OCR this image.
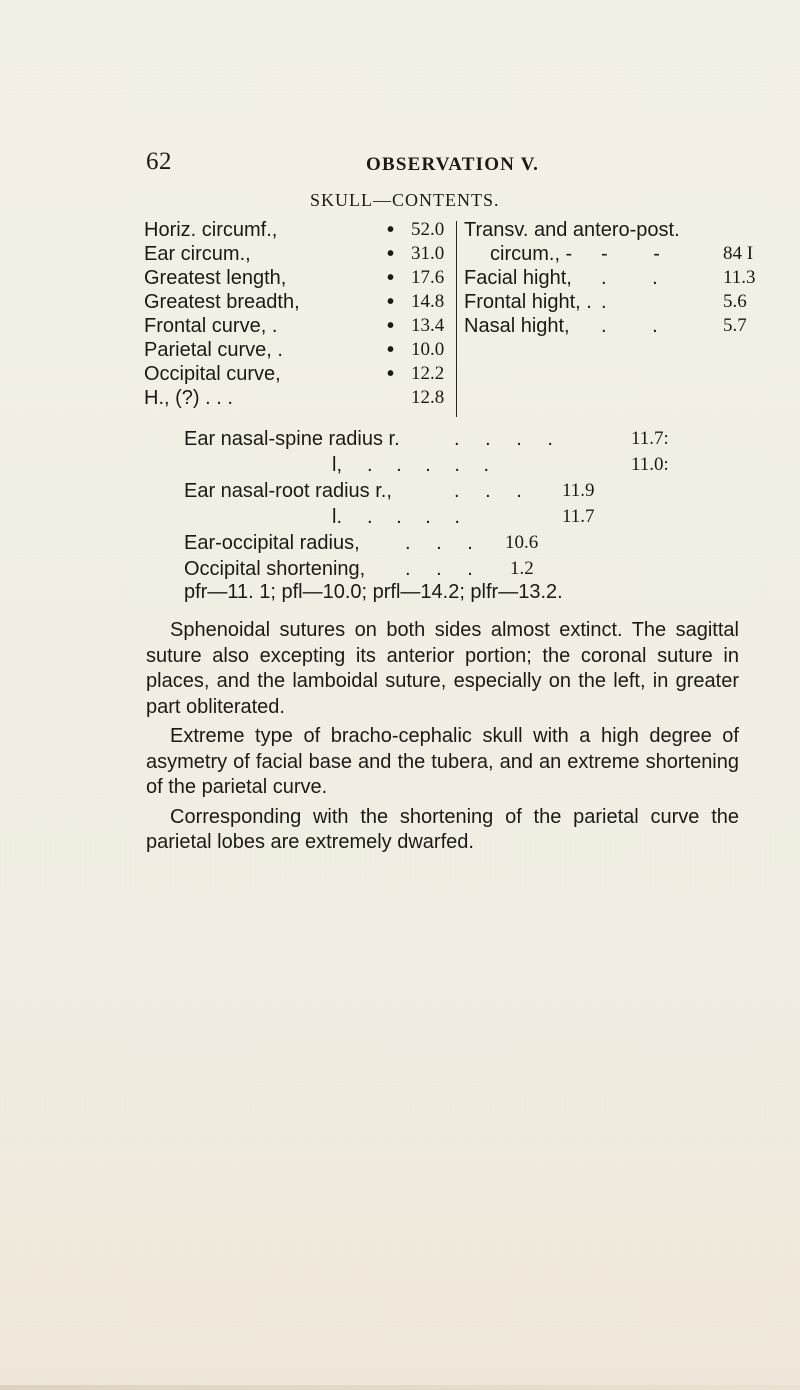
62	OBSERVATION V.
SKULL—CONTENTS.
Horiz. circumf.,	• 52.0
Ear circum.,	• 31.0
Greatest length,	• 17.6
Greatest breadth,	• 14.8
Frontal curve, .	• 13.4
Parietal curve, .	• 10.0
Occipital curve,	• 12.2
H., (?) . . .	12.8
Transv. and antero-post.
circum., - - - 84 I
Facial hight, . . 11.3
Frontal hight, . .	5.6
Nasal hight, . . 5.7
Ear nasal-spine radius r.	. . . .	11.7:
l, . . . . .	11.0:
Ear nasal-root radius r.,	. . . 11.9
l. . . . .	11.7
Ear-occipital radius, . . . 10.6
Occipital shortening, . . . 1.2
pfr—11. 1; pfl—10.0; prfl—14.2; plfr—13.2.

Sphenoidal sutures on both sides almost extinct. The sagittal suture also excepting its anterior portion; the coronal suture in places, and the lamboidal suture, especially on the left, in greater part obliterated.

Extreme type of bracho-cephalic skull with a high degree of asymetry of facial base and the tubera, and an extreme shortening of the parietal curve.

Corresponding with the shortening of the parietal curve the parietal lobes are extremely dwarfed.
